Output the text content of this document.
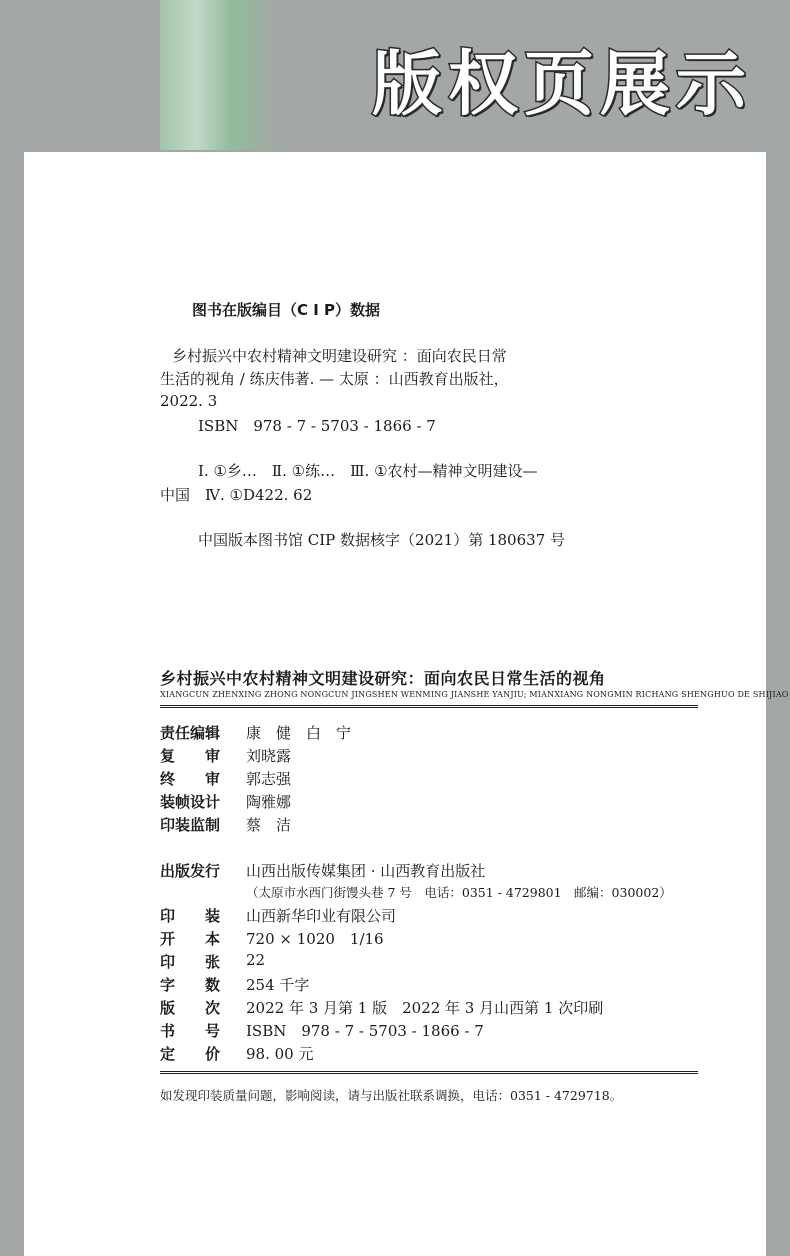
版权页展示
图书在版编目（C I P）数据
乡村振兴中农村精神文明建设研究 ：面向农民日常
生活的视角 / 练庆伟著. — 太原 ：山西教育出版社，
2022. 3
ISBN　978 - 7 - 5703 - 1866 - 7
Ⅰ. ①乡…　Ⅱ. ①练…　Ⅲ. ①农村—精神文明建设—
中国　Ⅳ. ①D422. 62
中国版本图书馆 CIP 数据核字（2021）第 180637 号
乡村振兴中农村精神文明建设研究：面向农民日常生活的视角
XIANGCUN ZHENXING ZHONG NONGCUN JINGSHEN WENMING JIANSHE YANJIU; MIANXIANG NONGMIN RICHANG SHENGHUO DE SHIJIAO
责任编辑	康　健　白　宁
复　　审	刘晓露
终　　审	郭志强
装帧设计	陶雅娜
印装监制	蔡　洁
出版发行	山西出版传媒集团 · 山西教育出版社
（太原市水西门街馒头巷 7 号　电话：0351 - 4729801　邮编：030002）
印　　装	山西新华印业有限公司
开　　本	720 × 1020　1/16
印　　张	22
字　　数	254 千字
版　　次	2022 年 3 月第 1 版　2022 年 3 月山西第 1 次印刷
书　　号	ISBN　978 - 7 - 5703 - 1866 - 7
定　　价	98. 00 元
如发现印装质量问题，影响阅读，请与出版社联系调换，电话：0351 - 4729718。
